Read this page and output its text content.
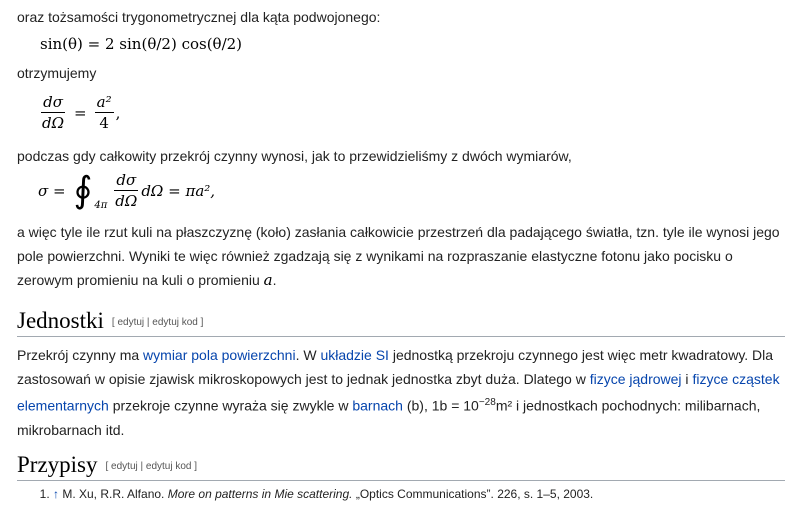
oraz tożsamości trygonometrycznej dla kąta podwojonego:

sin(θ) = 2 sin(θ/2) cos(θ/2)

otrzymujemy

$\frac{d\sigma}{d\Omega} = \frac{\text{a²}}{4}$ ,

podczas gdy całkowity przekrój czynny wynosi, jak to przewidzieliśmy z dwóch wymiarów,

σ = ∮ $4\pi \frac{d\sigma}{d\Omega}$ dΩ = πa²,

a więc tyle ile rzut kuli na płaszczyznę (koło) zasłania całkowicie przestrzeń dla padającego światła, tzn. tyle ile wynosi jego pole powierzchni. Wyniki te więc również zgadzają się z wynikami na rozpraszanie elastyczne fotonu jako pocisku o zerowym promieniu na kuli o promieniu a.

Jednostki [ edytuj | edytuj kod ]

Przekrój czynny ma wymiar pola powierzchni. W układzie SI jednostką przekroju czynnego jest więc metr kwadratowy. Dla zastosowań w opisie zjawisk mikroskopowych jest to jednak jednostka zbyt duża. Dlatego w fizyce jądrowej i fizyce cząstek elementarnych przekroje czynne wyraża się zwykle w barnach (b), $1b = 10^{-28}m^2$ i jednostkach pochodnych: milibarnach, mikrobarnach itd.

Przypisy [ edytuj | edytuj kod ]
1. ↑ M. Xu, R.R. Alfano. More on patterns in Mie scattering. „Optics Communications”. 226, s. 1–5, 2003.
